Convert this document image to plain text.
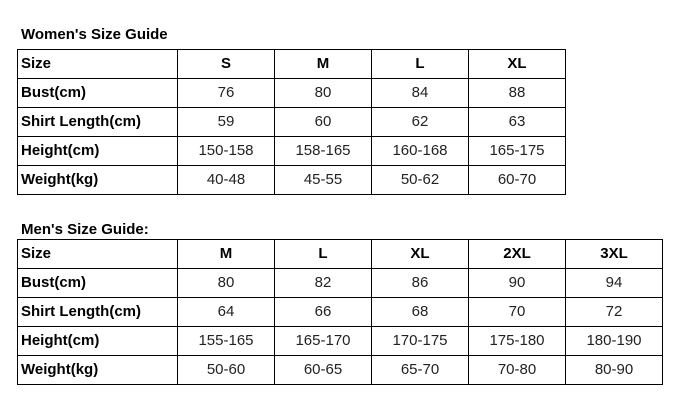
Women's Size Guide
Size	S	M	L	XL
Bust(cm)	76	80	84	88
Shirt Length(cm)	59	60	62	63
Height(cm)	150-158	158-165	160-168	165-175
Weight(kg)	40-48	45-55	50-62	60-70
Men's Size Guide:
Size	M	L	XL	2XL	3XL
Bust(cm)	80	82	86	90	94
Shirt Length(cm)	64	66	68	70	72
Height(cm)	155-165	165-170	170-175	175-180	180-190
Weight(kg)	50-60	60-65	65-70	70-80	80-90
